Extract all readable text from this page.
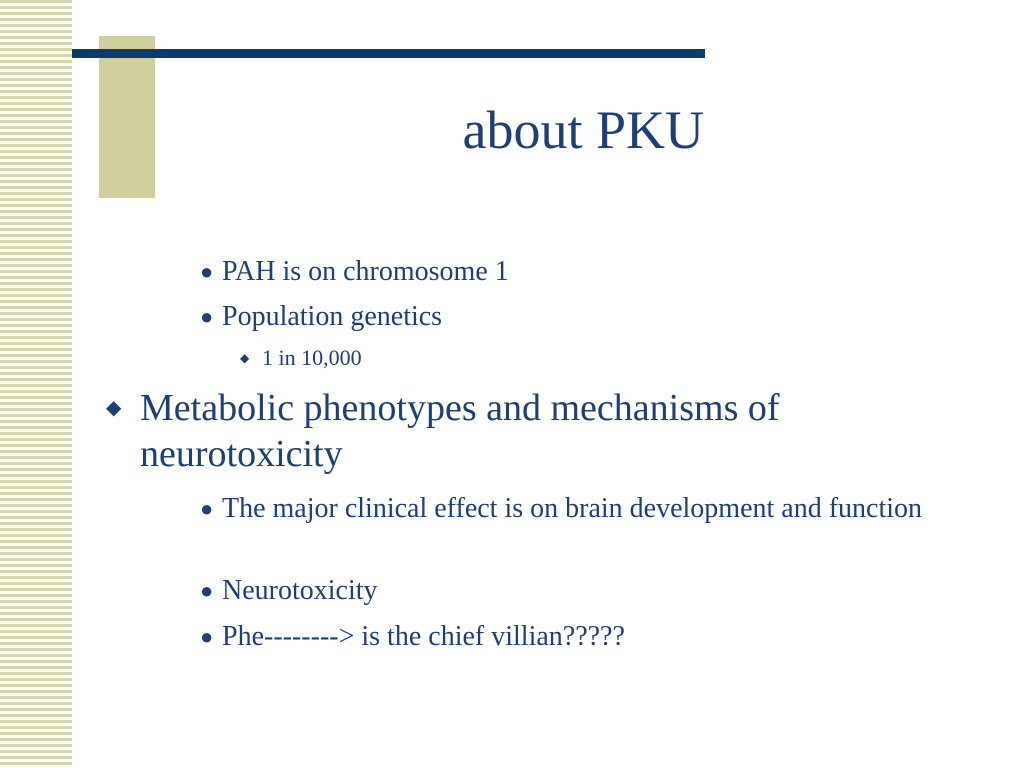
about PKU
● PAH is on chromosome 1
● Population genetics
◆ 1 in 10,000
◆ Metabolic phenotypes and mechanisms of neurotoxicity
● The major clinical effect is on brain development and function
● Neurotoxicity
● Phe--------> is the chief villian?????
